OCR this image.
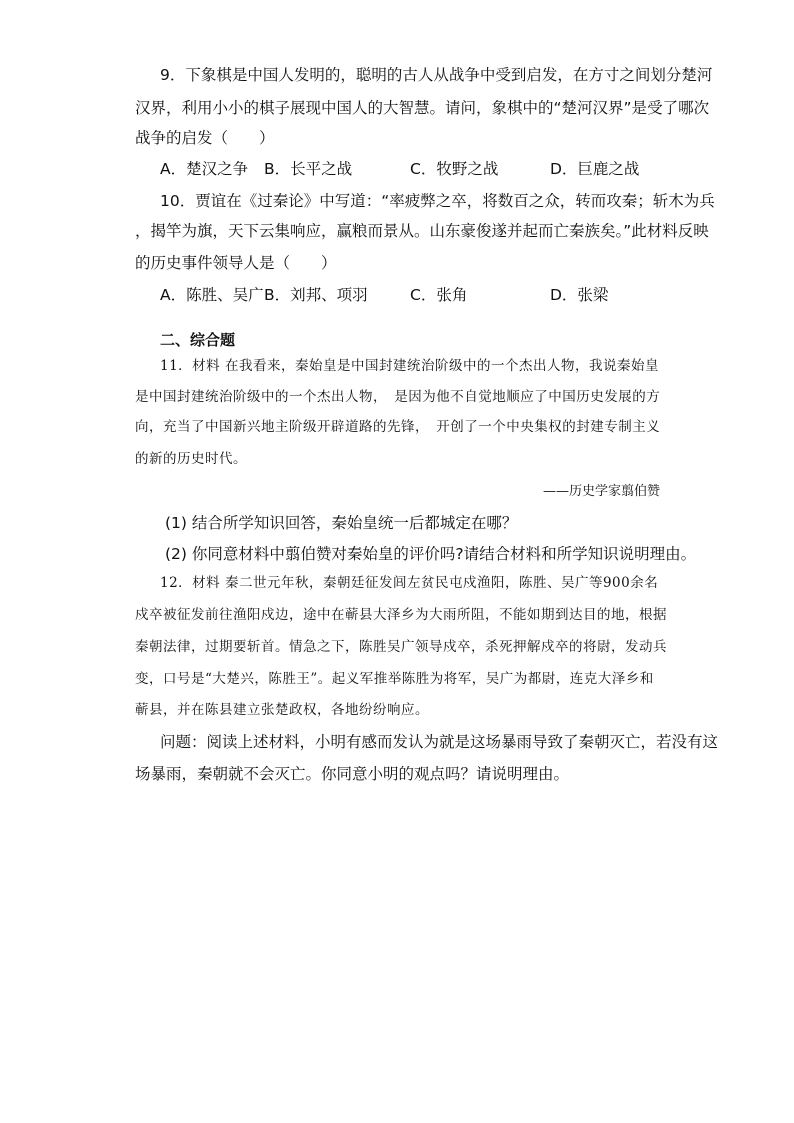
9．下象棋是中国人发明的，聪明的古人从战争中受到启发，在方寸之间划分楚河
汉界，利用小小的棋子展现中国人的大智慧。请问，象棋中的“楚河汉界”是受了哪次
战争的启发（　　）
A．楚汉之争 B．长平之战	C．牧野之战	D．巨鹿之战
10．贾谊在《过秦论》中写道：“率疲弊之卒，将数百之众，转而攻秦；斩木为兵
，揭竿为旗，天下云集响应，赢粮而景从。山东豪俊遂并起而亡秦族矣。”此材料反映
的历史事件领导人是（　　）
A．陈胜、吴广 B．刘邦、项羽	C．张角	D．张梁
二、综合题
11．材料 在我看来，秦始皇是中国封建统治阶级中的一个杰出人物，我说秦始皇
是中国封建统治阶级中的一个杰出人物，　是因为他不自觉地顺应了中国历史发展的方
向，充当了中国新兴地主阶级开辟道路的先锋，　开创了一个中央集权的封建专制主义
的新的历史时代。
——历史学家翦伯赞
(1) 结合所学知识回答，秦始皇统一后都城定在哪？
(2) 你同意材料中翦伯赞对秦始皇的评价吗?请结合材料和所学知识说明理由。
12．材料 秦二世元年秋，秦朝廷征发闾左贫民屯戍渔阳，陈胜、吴广等900余名
戍卒被征发前往渔阳戍边，途中在蕲县大泽乡为大雨所阻，不能如期到达目的地，根据
秦朝法律，过期要斩首。情急之下，陈胜吴广领导戍卒，杀死押解戍卒的将尉，发动兵
变，口号是“大楚兴，陈胜王”。起义军推举陈胜为将军，吴广为都尉，连克大泽乡和
蕲县，并在陈县建立张楚政权，各地纷纷响应。
问题：阅读上述材料，小明有感而发认为就是这场暴雨导致了秦朝灭亡，若没有这
场暴雨，秦朝就不会灭亡。你同意小明的观点吗？请说明理由。
